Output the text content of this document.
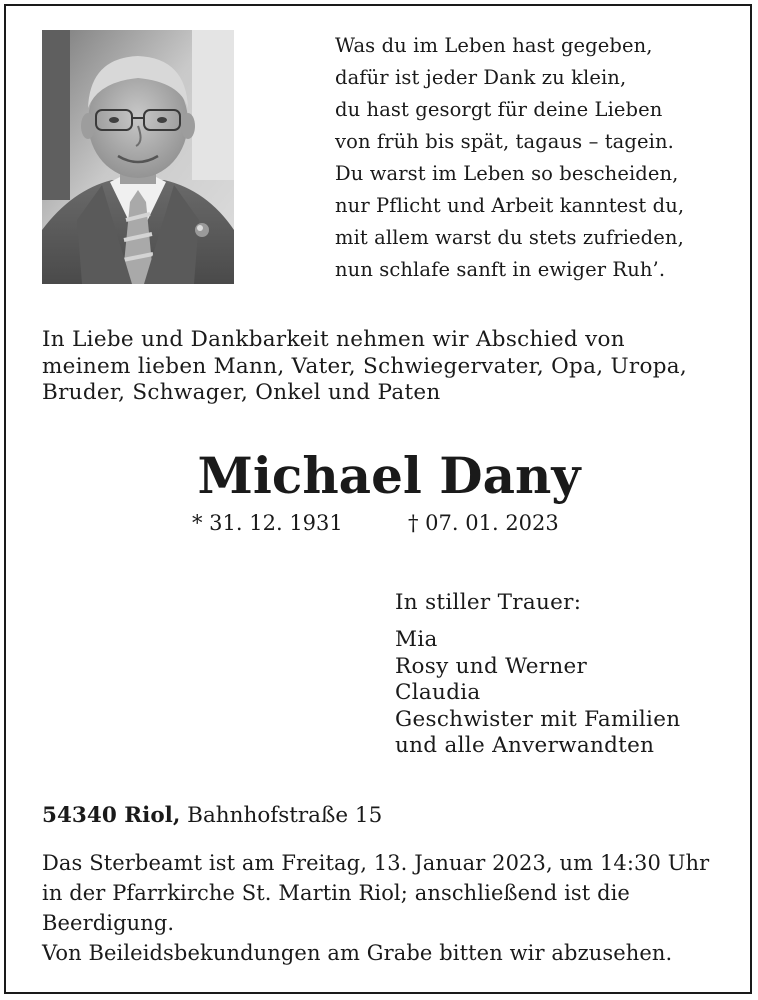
Was du im Leben hast gegeben,
dafür ist jeder Dank zu klein,
du hast gesorgt für deine Lieben
von früh bis spät, tagaus – tagein.
Du warst im Leben so bescheiden,
nur Pflicht und Arbeit kanntest du,
mit allem warst du stets zufrieden,
nun schlafe sanft in ewiger Ruh’.
In Liebe und Dankbarkeit nehmen wir Abschied von
meinem lieben Mann, Vater, Schwiegervater, Opa, Uropa,
Bruder, Schwager, Onkel und Paten
Michael Dany
* 31. 12. 1931	† 07. 01. 2023
In stiller Trauer:
Mia
Rosy und Werner
Claudia
Geschwister mit Familien
und alle Anverwandten
54340 Riol, Bahnhofstraße 15
Das Sterbeamt ist am Freitag, 13. Januar 2023, um 14:30 Uhr
in der Pfarrkirche St. Martin Riol; anschließend ist die
Beerdigung.
Von Beileidsbekundungen am Grabe bitten wir abzusehen.
